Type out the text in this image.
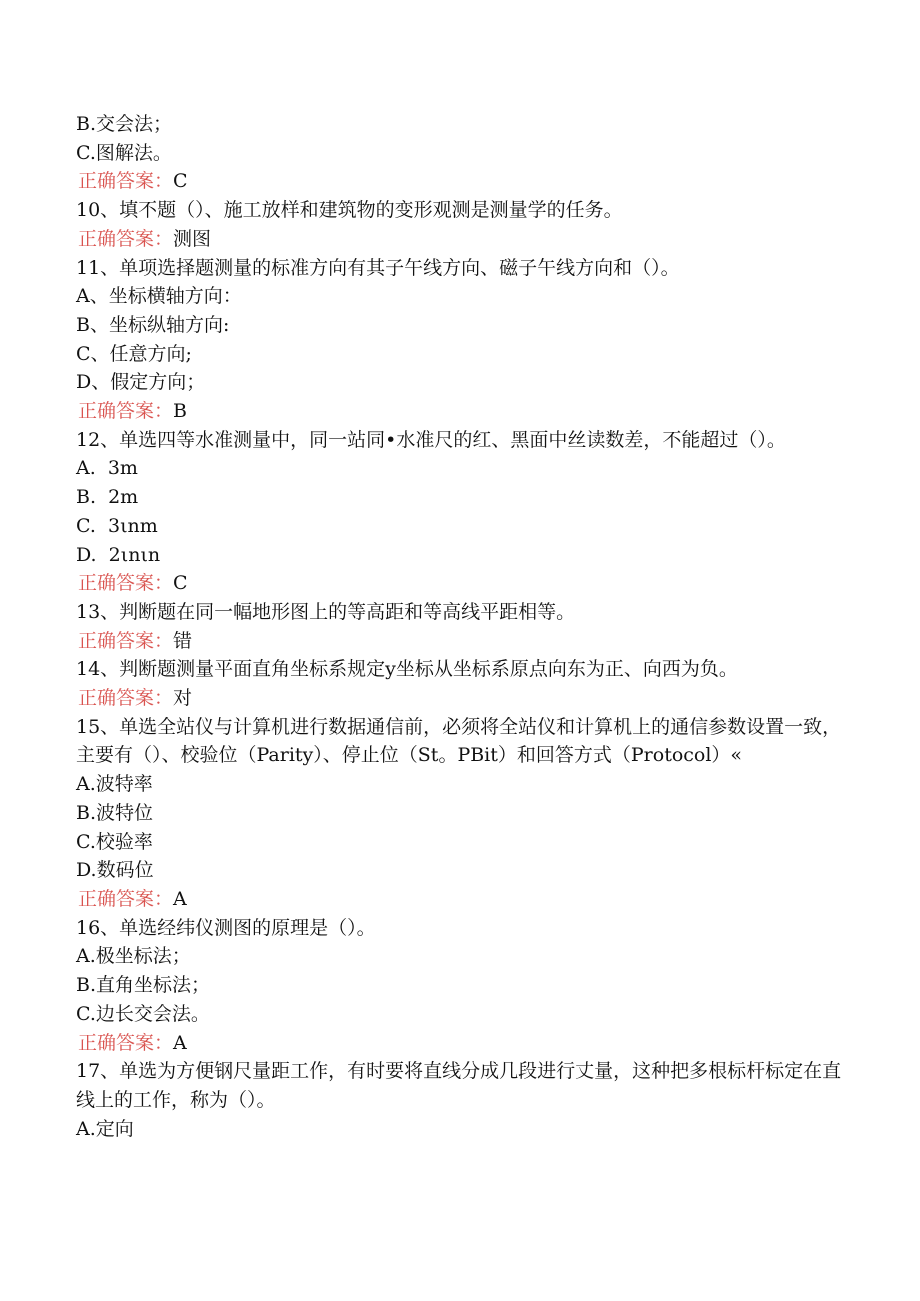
B.交会法；
C.图解法。
正确答案：C
10、填不题（）、施工放样和建筑物的变形观测是测量学的任务。
正确答案：测图
11、单项选择题测量的标准方向有其子午线方向、磁子午线方向和（）。
A、坐标横轴方向：
B、坐标纵轴方向:
C、任意方向;
D、假定方向；
正确答案：B
12、单选四等水准测量中，同一站同•水准尺的红、黑面中丝读数差，不能超过（）。
A.  3m
B.  2m
C.  3ιnm
D.  2ιnιn
正确答案：C
13、判断题在同一幅地形图上的等高距和等高线平距相等。
正确答案：错
14、判断题测量平面直角坐标系规定y坐标从坐标系原点向东为正、向西为负。
正确答案：对
15、单选全站仪与计算机进行数据通信前，必须将全站仪和计算机上的通信参数设置一致，主要有（）、校验位（Parity）、停止位（St。PBit）和回答方式（Protocol）«
A.波特率
B.波特位
C.校验率
D.数码位
正确答案：A
16、单选经纬仪测图的原理是（）。
A.极坐标法；
B.直角坐标法；
C.边长交会法。
正确答案：A
17、单选为方便钢尺量距工作，有时要将直线分成几段进行丈量，这种把多根标杆标定在直线上的工作，称为（）。
A.定向
